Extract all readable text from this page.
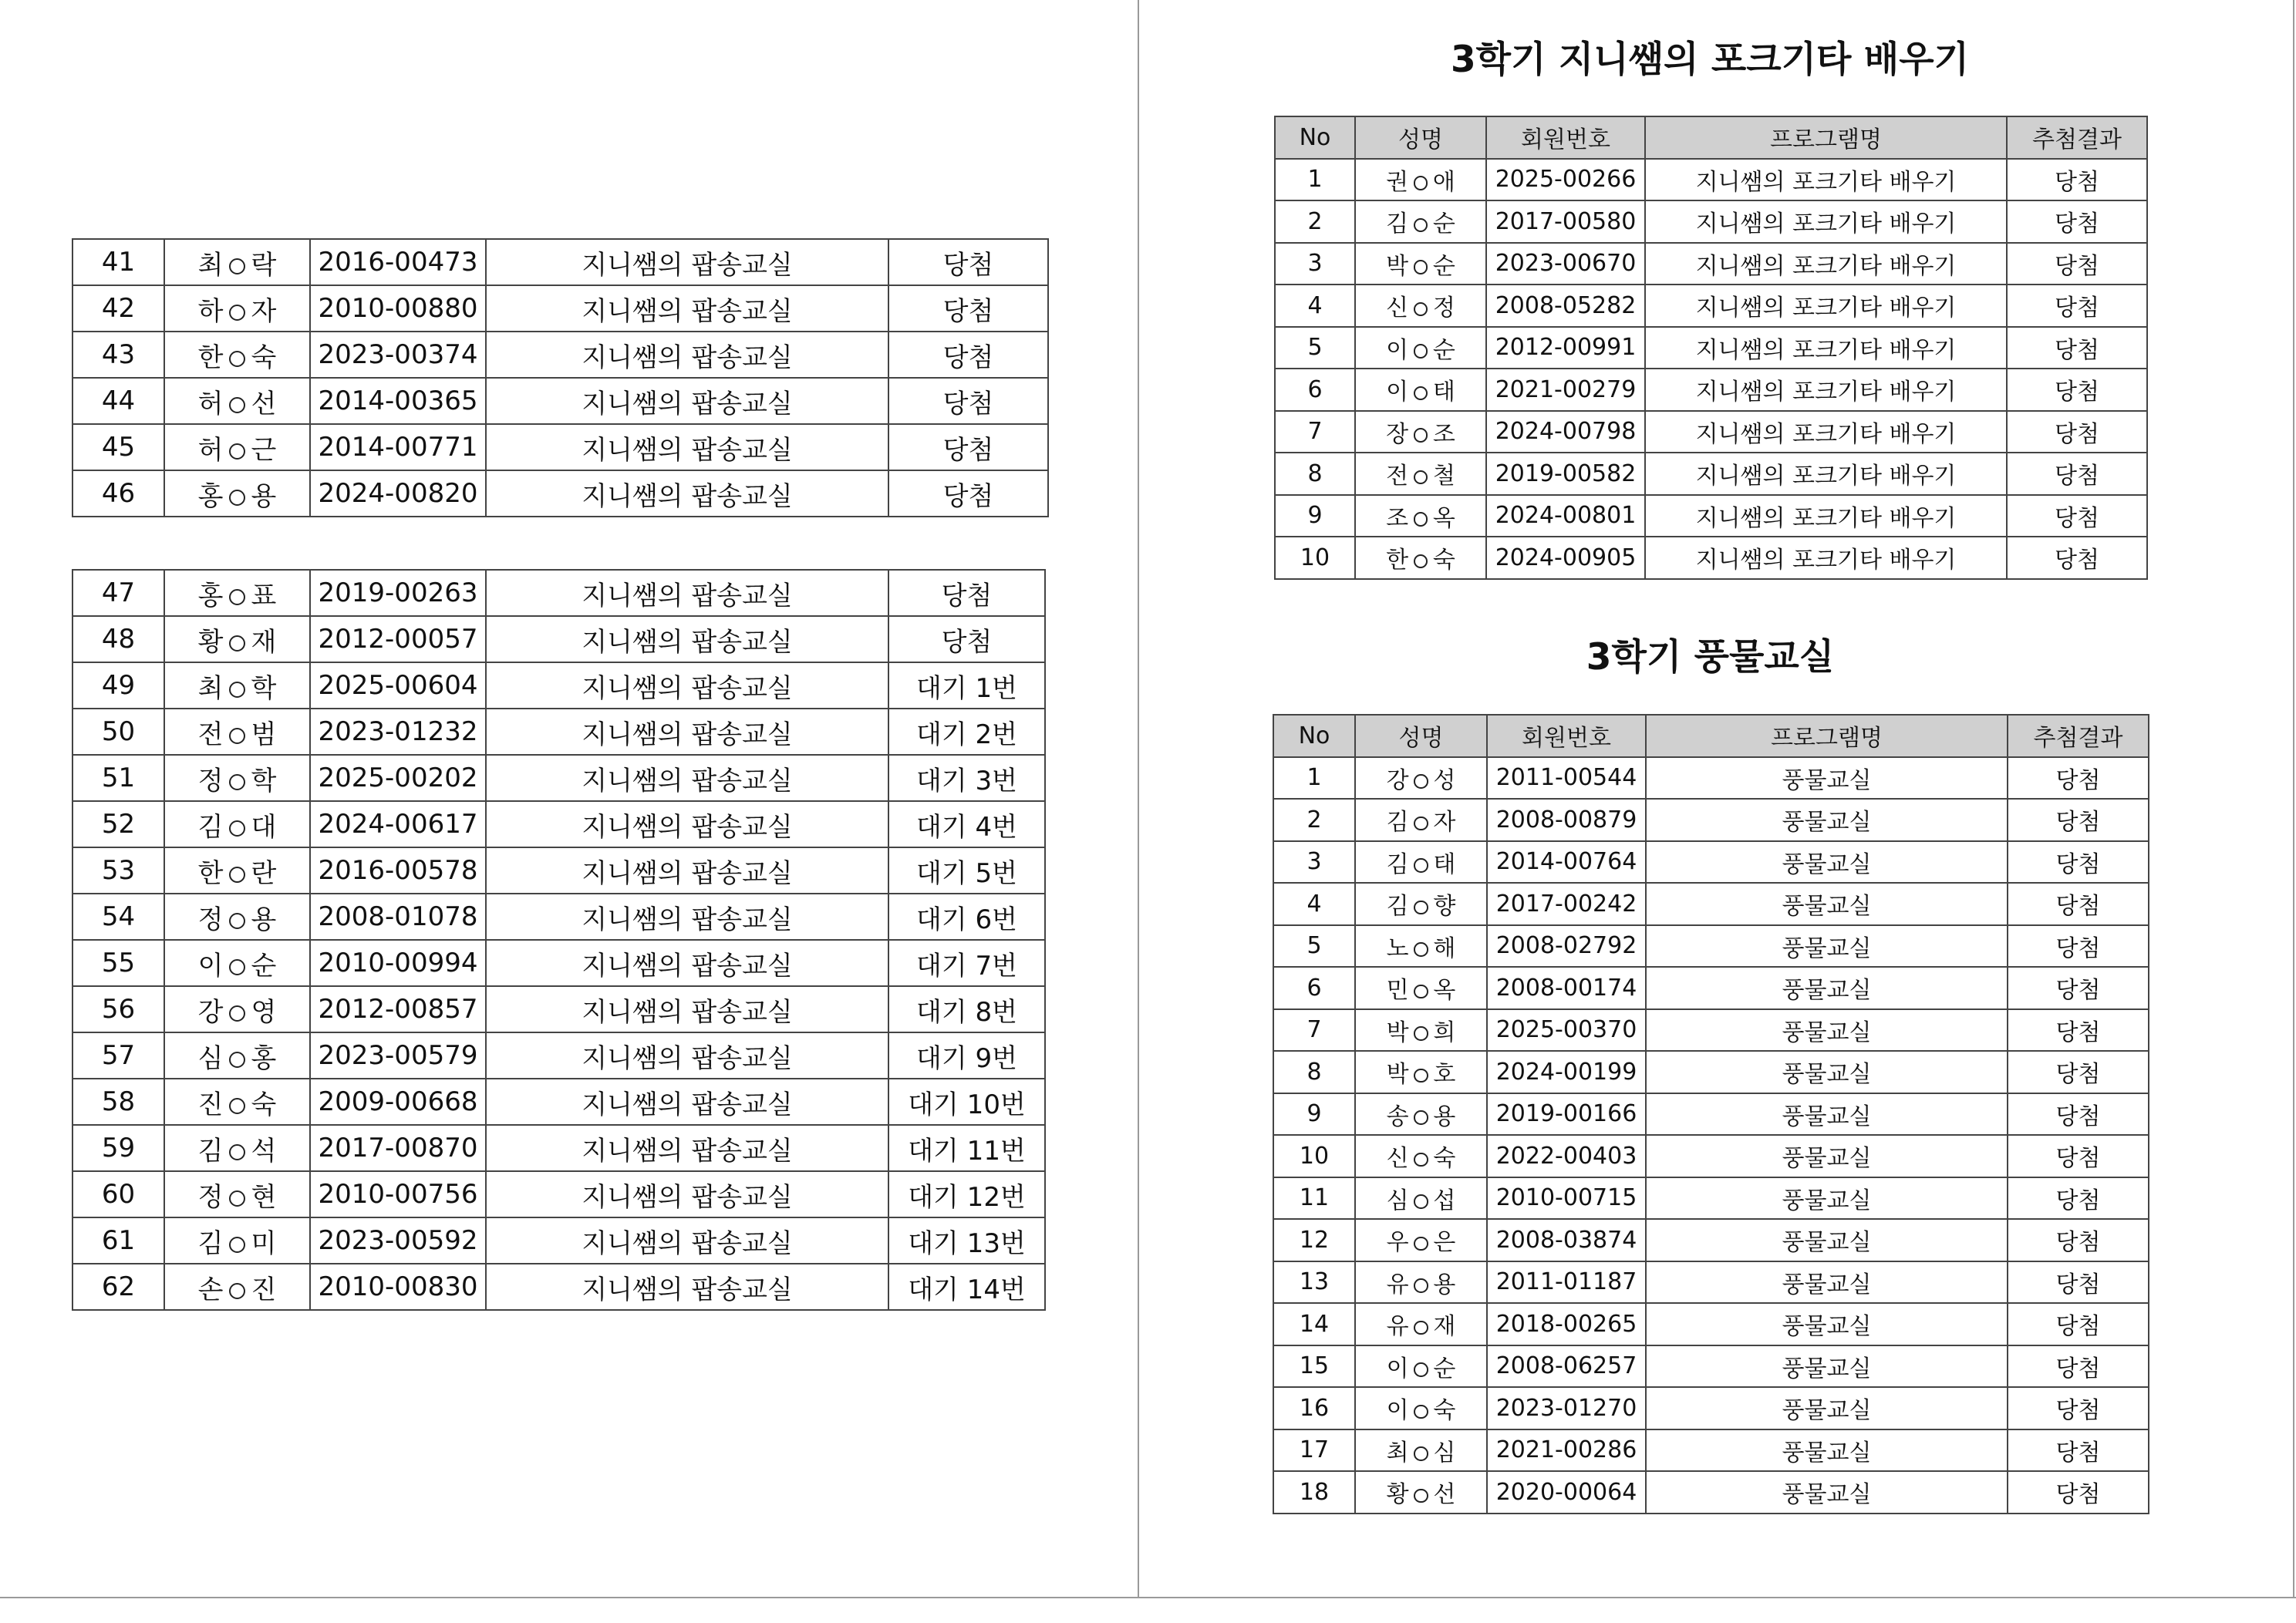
41	최 락	2016-00473	지니쌤의 팝송교실	당첨
42	하 자	2010-00880	지니쌤의 팝송교실	당첨
43	한 숙	2023-00374	지니쌤의 팝송교실	당첨
44	허 선	2014-00365	지니쌤의 팝송교실	당첨
45	허 근	2014-00771	지니쌤의 팝송교실	당첨
46	홍 용	2024-00820	지니쌤의 팝송교실	당첨
47	홍 표	2019-00263	지니쌤의 팝송교실	당첨
48	황 재	2012-00057	지니쌤의 팝송교실	당첨
49	최 학	2025-00604	지니쌤의 팝송교실	대기 1번
50	전 범	2023-01232	지니쌤의 팝송교실	대기 2번
51	정 학	2025-00202	지니쌤의 팝송교실	대기 3번
52	김 대	2024-00617	지니쌤의 팝송교실	대기 4번
53	한 란	2016-00578	지니쌤의 팝송교실	대기 5번
54	정 용	2008-01078	지니쌤의 팝송교실	대기 6번
55	이 순	2010-00994	지니쌤의 팝송교실	대기 7번
56	강 영	2012-00857	지니쌤의 팝송교실	대기 8번
57	심 홍	2023-00579	지니쌤의 팝송교실	대기 9번
58	진 숙	2009-00668	지니쌤의 팝송교실	대기 10번
59	김 석	2017-00870	지니쌤의 팝송교실	대기 11번
60	정 현	2010-00756	지니쌤의 팝송교실	대기 12번
61	김 미	2023-00592	지니쌤의 팝송교실	대기 13번
62	손 진	2010-00830	지니쌤의 팝송교실	대기 14번
3학기 지니쌤의 포크기타 배우기
No	성명	회원번호	프로그램명	추첨결과
1	권 애	2025-00266	지니쌤의 포크기타 배우기	당첨
2	김 순	2017-00580	지니쌤의 포크기타 배우기	당첨
3	박 순	2023-00670	지니쌤의 포크기타 배우기	당첨
4	신 정	2008-05282	지니쌤의 포크기타 배우기	당첨
5	이 순	2012-00991	지니쌤의 포크기타 배우기	당첨
6	이 태	2021-00279	지니쌤의 포크기타 배우기	당첨
7	장 조	2024-00798	지니쌤의 포크기타 배우기	당첨
8	전 철	2019-00582	지니쌤의 포크기타 배우기	당첨
9	조 옥	2024-00801	지니쌤의 포크기타 배우기	당첨
10	한 숙	2024-00905	지니쌤의 포크기타 배우기	당첨
3학기 풍물교실
No	성명	회원번호	프로그램명	추첨결과
1	강 성	2011-00544	풍물교실	당첨
2	김 자	2008-00879	풍물교실	당첨
3	김 태	2014-00764	풍물교실	당첨
4	김 향	2017-00242	풍물교실	당첨
5	노 해	2008-02792	풍물교실	당첨
6	민 옥	2008-00174	풍물교실	당첨
7	박 희	2025-00370	풍물교실	당첨
8	박 호	2024-00199	풍물교실	당첨
9	송 용	2019-00166	풍물교실	당첨
10	신 숙	2022-00403	풍물교실	당첨
11	심 섭	2010-00715	풍물교실	당첨
12	우 은	2008-03874	풍물교실	당첨
13	유 용	2011-01187	풍물교실	당첨
14	유 재	2018-00265	풍물교실	당첨
15	이 순	2008-06257	풍물교실	당첨
16	이 숙	2023-01270	풍물교실	당첨
17	최 심	2021-00286	풍물교실	당첨
18	황 선	2020-00064	풍물교실	당첨
